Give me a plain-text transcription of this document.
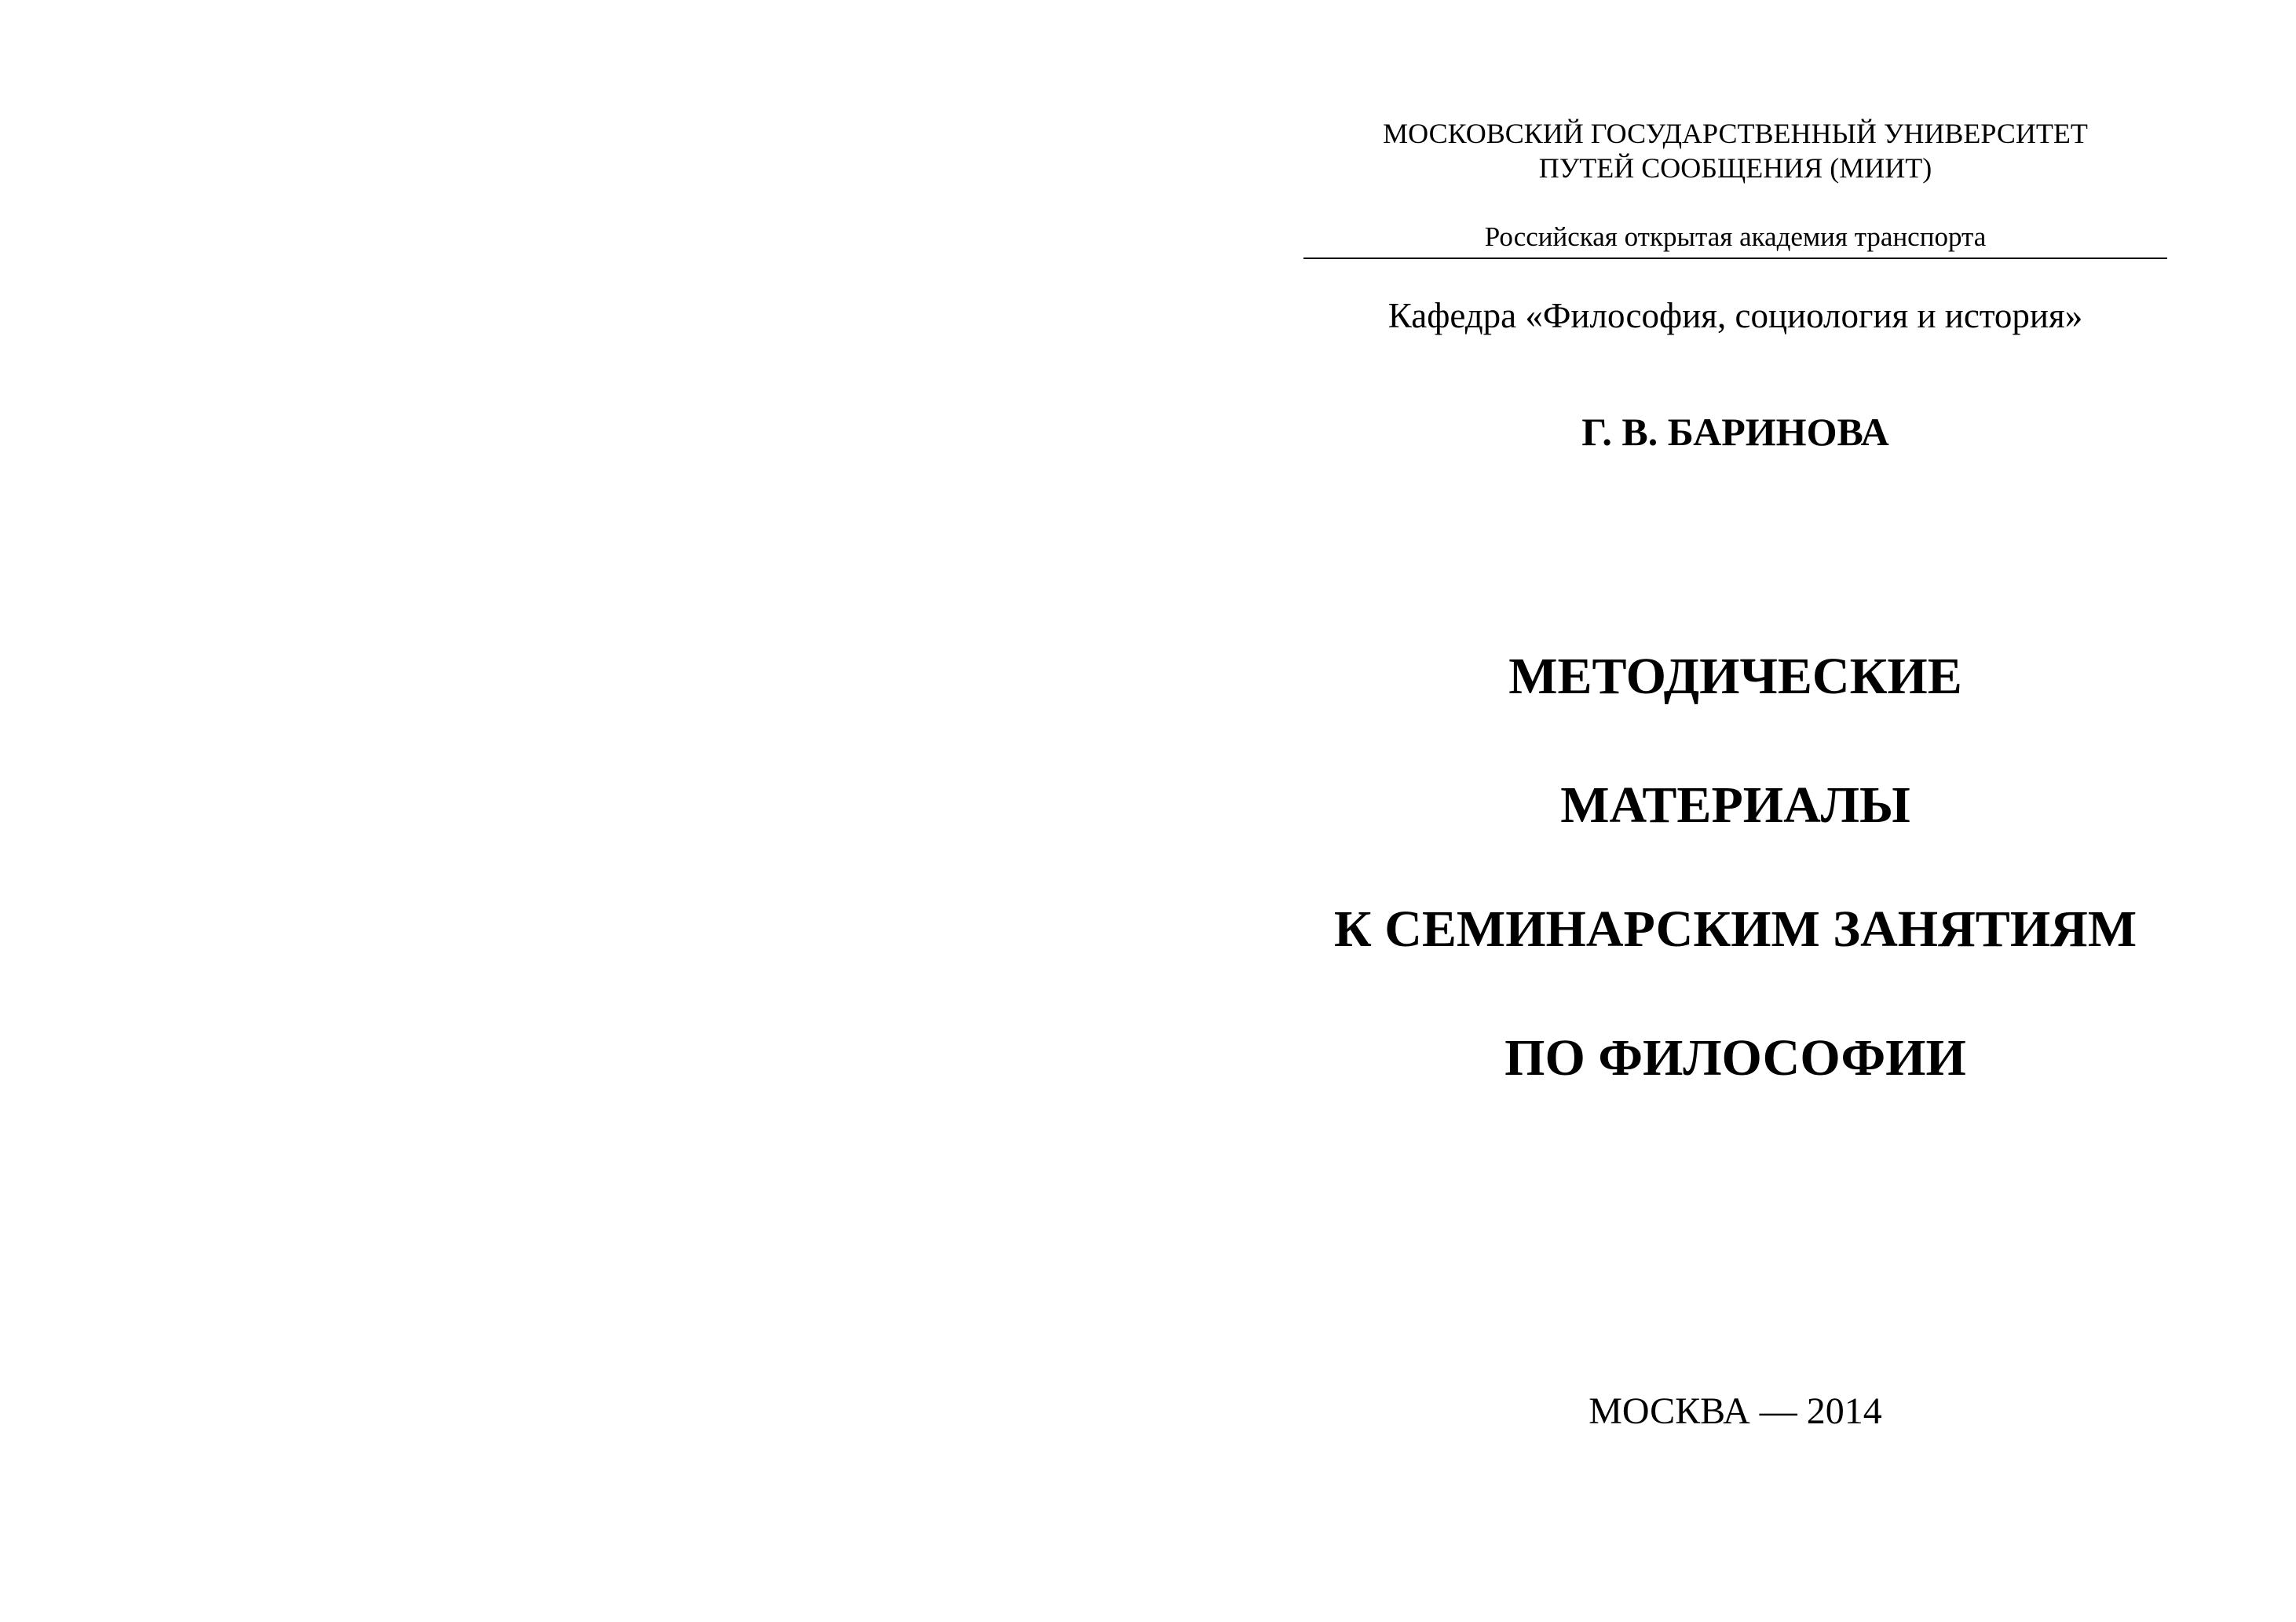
МОСКОВСКИЙ ГОСУДАРСТВЕННЫЙ УНИВЕРСИТЕТ
ПУТЕЙ СООБЩЕНИЯ (МИИТ)
Российская открытая академия транспорта
Кафедра «Философия, социология и история»
Г. В. БАРИНОВА
МЕТОДИЧЕСКИЕ
МАТЕРИАЛЫ
К СЕМИНАРСКИМ ЗАНЯТИЯМ
ПО ФИЛОСОФИИ
МОСКВА — 2014
